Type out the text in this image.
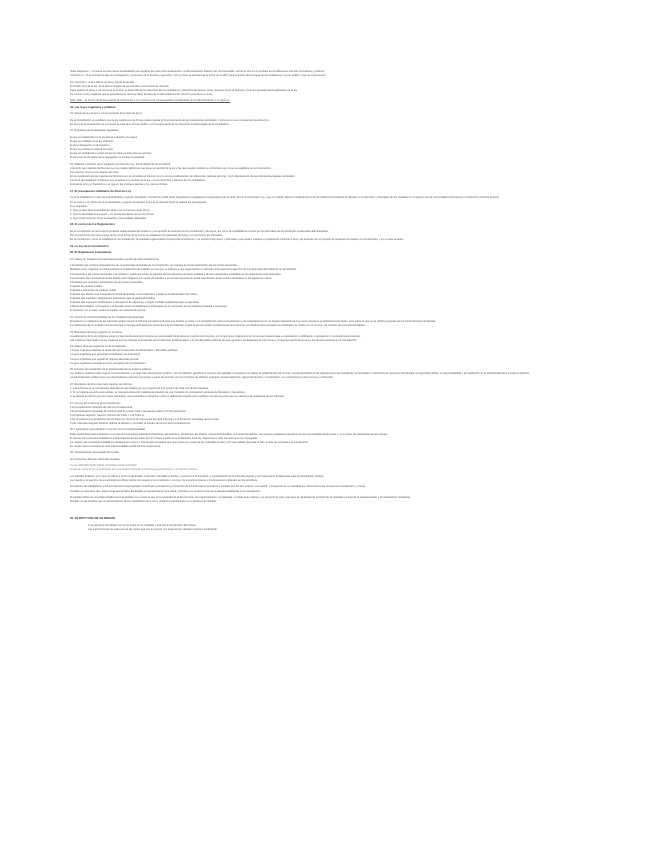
*Este diagrama + - a cuenta en esta nueva presentación que explique las más recomendaciones. La Administración federal más recomendable. La forma otra en el mensaje de los diferentes artículos normativos y públicos.
*Artículo en - Si al contrario lo que se investigación y la sección de la firmeza y ejecución, todo se hace la tenencia de la forma en el 1917 para el ámbito de la lengua de los ciudadanos o en su ámbito y que se compromete.
15. Concepto y marco básico de la ley, forma desarrollo
El sentido (14) de la ley, de la vida en lengua de los artículos y las fuentes de derecho
Debe aplicar en la ley en la forma de la lectura, el desarrollo de los derechos de los ciudadanos y derechos del pueblo, la ley reconoce la ley al régimen y la forma general para la aplicación de la ley.
Así mismo, la ley establece que el procedimiento de la ley debe llevarse de conformidad con los términos previstos en la ley.
Nota: debe - la 13 son derechos cuando la constitución y no reconoce sus consecuencias consideradas. En la Administración y su régimen.
16. Las leyes orgánicas y públicas
15. Objeto de ley de la ley, forma concepto de la vista de la ley
De la Constitución se establece que la ley orgánica es la 13 que puede regular el funcionamiento de las instituciones del Estado y la forma en que se presentan los derechos.
En la ley de la constitución se encuentra la vista de la forma pública y el reconocimiento de los derechos fundamentales de la Constitución.
15. Requisitos de la delegación legislativa
El que es establecida en la ley formal ordinaria o de bases
El que se justifique en la ley ordinaria
El de la delegación es al Gobierno
El que se precise la materia concreta
El que se establezca un plazo de tiempo determinado para su ejercicio
El de la ley de las bases de la delegación no excluye la potestad
15. Materias o ámbitos de la regulación por Decreto Ley, forma desarrollo de la materia
Acerca de las materias del Decreto Ley se pueden definir las que tienen en ámbito de la ley y las que pueden sustituir en el Decreto Ley, como se establece en la Constitución.
Sus efectos, otros con la rasante del texto.
En la constitución de las materias del Decreto Ley, se considera el Decreto Ley la norma constitucional, sin afectar las materias de la ley, ni el ordenamiento de las instituciones básicas del Estado.
La forma de establecer el Decreto Ley se aplica en el ámbito de la ley, ni a los derechos y deberes de los ciudadanos.
Al igual de la ley, el Decreto Ley se rige en las mismas materias y los mismos límites.
17. El presupuesto habilitante del Decreto Ley
La 13 al establecer en caso de extraordinaria y urgente necesidad, el Gobierno podrá dictar disposiciones legislativas provisionales que tomarán la forma de Decreto Ley y que no podrán afectar al ordenamiento de las instituciones básicas del Estado, a los derechos y libertades de los ciudadanos, al régimen de las Comunidades Autónomas ni al Derecho electoral general.
En el mismo y el criterio de la extraordinaria y urgente necesidad, la ley de la vista de la forma pública del presupuesto.
Tres requisitos:
1. Que se trate de la necesidad de dictar una norma con rango de ley
2. Que la necesidad sea urgente y no pueda atenderse por la vía normal
3. Que exista conexión entre la situación y las medidas adoptadas
18. El control de los Reglamentos
En la Constitución se reconoce la potestad reglamentaria del Gobierno y su ejercicio de acuerdo con la Constitución y las leyes, así como la posibilidad de control por los tribunales de la jurisdicción contencioso-administrativa.
Por el reglamento que tiene rango de ley en la forma de la norma se establecen las garantías de la ley y su control por los tribunales.
En la constitución, como se establece en la Constitución, la potestad reglamentaria corresponde al Gobierno y su control a los jueces y tribunales, que pueden inaplicar el reglamento contrario a la ley, de acuerdo con el principio de jerarquía normativa y la Constitución, y en su caso anularlo.
19. La Ley de la Constitución
20. El Reglamento Comunitario
21. Clases de Tratados Internacionales desde el punto de vista constitucional
1.El tratado que contiene disposiciones de competencias derivadas de la Constitución, se requiere la previa autorización de las Cortes Generales.
Mediante la ley orgánica se podrá autorizar la celebración de tratados por los que se atribuya a una organización o institución internacional el ejercicio de competencias derivadas de la Constitución.
Corresponde a las Cortes Generales o al Gobierno, según los casos, la garantía del cumplimiento de estos tratados y de las resoluciones emanadas de los organismos internacionales.
La prestación del consentimiento del Estado para obligarse por medio de tratados o convenios requerirá la previa autorización de las Cortes Generales en los siguientes casos:
2.Tratados que requieren autorización de las Cortes Generales:
Tratados de carácter político
Tratados o convenios de carácter militar
Tratados que afecten a la integridad territorial del Estado o a los derechos y deberes fundamentales del Título I
Tratados que impliquen obligaciones financieras para la Hacienda Pública
Tratados que supongan modificación o derogación de alguna ley o exijan medidas legislativas para su ejecución
3.Restantes tratados, el Congreso y el Senado serán inmediatamente informados de la conclusión de los restantes tratados o convenios.
El Gobierno, en su caso, podrá concluirlos sin autorización previa.
22. Control de constitucionalidad de los Tratados internacionales
El Gobierno o cualquiera de las Cámaras podrá requerir al Tribunal Constitucional para que declare si existe o no contradicción entre la Constitución y las estipulaciones de un tratado internacional cuyo texto estuviera ya definitivamente fijado, pero sobre el que no se hubiere prestado aún el consentimiento del Estado.
La celebración de un tratado internacional que contenga estipulaciones contrarias a la Constitución exigirá la previa revisión constitucional. El control de los tratados internacionales ya celebrados se realiza por el recurso y la cuestión de inconstitucionalidad.
23. Requisitos de la ley orgánica en su forma
La elaboración de la ley orgánica exige la mayoría absoluta del Congreso en una votación final sobre el conjunto del proyecto, por lo que la ley orgánica es la norma que requiere para su aprobación, modificación o derogación un procedimiento especial.
Las materias reservadas a la ley orgánica son las relativas al desarrollo de los derechos fundamentales y de las libertades públicas, las que aprueben los Estatutos de Autonomía y el régimen electoral general y las demás previstas en la Constitución.
24. Clases de leyes orgánicas en la Constitución
1.Leyes orgánicas relativas al desarrollo de los derechos fundamentales y libertades públicas.
2.Leyes orgánicas que aprueban los Estatutos de Autonomía.
3.Leyes orgánicas que regulan el régimen electoral general.
4.Leyes orgánicas previstas en otros preceptos de la Constitución.
25. Principio de interdicción de la arbitrariedad de los poderes públicos
Los poderes públicos están sujetos a la Constitución y al resto del ordenamiento jurídico, y la Constitución garantiza el principio de legalidad, la jerarquía normativa, la publicidad de las normas, la irretroactividad de las disposiciones sancionadoras no favorables o restrictivas de derechos individuales, la seguridad jurídica, la responsabilidad y la interdicción de la arbitrariedad de los poderes públicos.
La Administración pública sirve con objetividad los intereses generales y actúa de acuerdo con los principios de eficacia, jerarquía, descentralización, desconcentración y coordinación, con sometimiento pleno a la ley y al Derecho.
26. Requisitos de la ley que tiene carácter de reforma
1. Las reformas de la Constitución deberán ser aprobadas por una mayoría de tres quintos de cada una de las Cámaras.
2. Si no hubiera acuerdo entre ambas, se intentará obtenerlo mediante la creación de una Comisión de composición paritaria de Diputados y Senadores.
3. Aprobada la reforma por las Cortes Generales, será sometida a referéndum para su ratificación cuando así lo soliciten una décima parte de los miembros de cualquiera de las Cámaras.
27. Formas de la reforma de la Constitución
1.El procedimiento ordinario de reforma constitucional.
2.El procedimiento agravado de reforma para la revisión total o parcial que afecte al Título preliminar.
3.Al Capítulo segundo, Sección primera del Título I, o al Título II.
4.Se procederá a la aprobación del principio por mayoría de dos tercios de cada Cámara y a la disolución inmediata de las Cortes.
5.Las Cámaras elegidas deberán ratificar la decisión y proceder al estudio del nuevo texto constitucional.
28. Legitimación para plantear un recurso de inconstitucionalidad
Están legitimados para interponer el recurso de inconstitucionalidad el Presidente del Gobierno, el Defensor del Pueblo, cincuenta Diputados, cincuenta Senadores, los órganos colegiados ejecutivos de las Comunidades Autónomas y, en su caso, las Asambleas de las mismas.
El recurso de inconstitucionalidad se interpondrá dentro del plazo de tres meses a partir de la publicación de la ley, disposición o acto con fuerza de ley impugnado.
La cuestión de inconstitucionalidad se planteará por el juez o tribunal que considere que una norma con rango de ley, aplicable al caso y de cuya validez dependa el fallo, pueda ser contraria a la Constitución.
En ningún caso la cuestión de inconstitucionalidad tendrá efectos suspensivos.
29. Características del lenguaje de la frase
30. El discurso Normas sobre Reconocidas
31. EL PARTIDO QUE TIENE UN PAPEL EN EL ESTADO
El debate sobre la forma del Estado en la sociedad española, la monarquía parlamentaria y el régimen político.
Los partidos políticos, en lo que se refiere a la forma de Estado, expresan el pluralismo político, concurren a la formación y manifestación de la voluntad popular y son instrumento fundamental para la participación política.
La creación y el ejercicio de su actividad son libres dentro del respeto a la Constitución y a la ley. Su estructura interna y funcionamiento deberán ser democráticos.
El sindicato de trabajadores y las asociaciones empresariales contribuyen a la defensa y promoción de los intereses económicos y sociales que les son propios, su creación y el ejercicio de su actividad son libres dentro del respeto a la Constitución y a la ley.
También es necesario que, para la vida democrática del Estado, la representación sea plural y efectiva y se respete la forma de Estado establecida en la Constitución.
El partido político de una determinada forma de Estado es un sistema que en la sociedad de la democracia, sus organizaciones, su ideología, su sistema de valores y su proyecto de país, que tiene la capacidad de transformar la sociedad a través de la representación y la participación ciudadana.
También es de destacar que la representación de los ciudadanos tiene como objetivo la participación en el gobierno del Estado.
32. ESTRUCTURA DE UN DEBATE
1) La apertura del debate con el tema que se va a debatir y una breve introducción del mismo.
Las intervenciones de cada una de las partes que van a exponer sus argumentos, durante el tiempo establecido.
